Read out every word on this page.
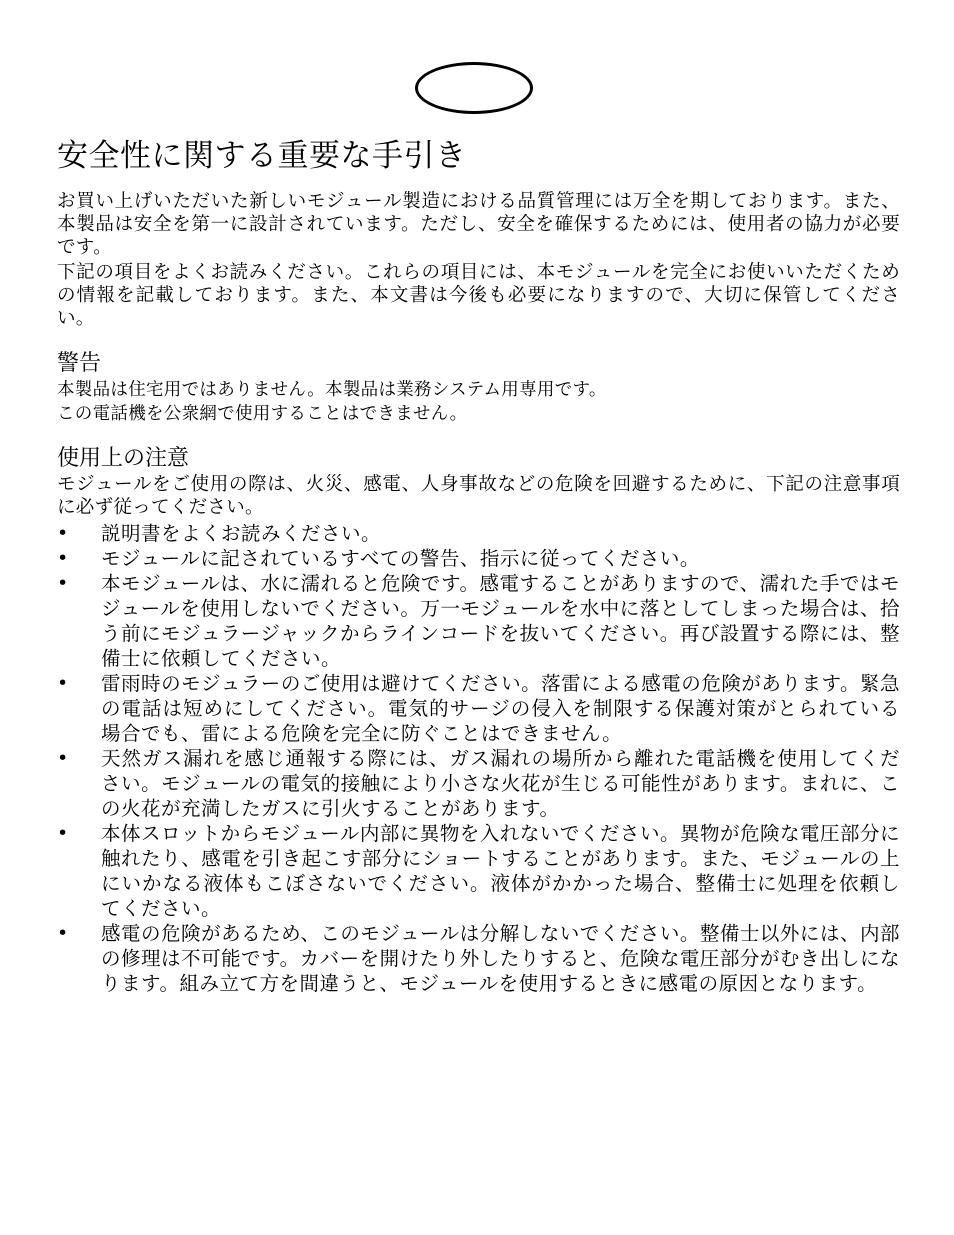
安全性に関する重要な手引き

お買い上げいただいた新しいモジュール製造における品質管理には万全を期しております。また、本製品は安全を第一に設計されています。ただし、安全を確保するためには、使用者の協力が必要です。

下記の項目をよくお読みください。これらの項目には、本モジュールを完全にお使いいただくための情報を記載しております。また、本文書は今後も必要になりますので、大切に保管してください。

警告

本製品は住宅用ではありません。本製品は業務システム用専用です。

この電話機を公衆網で使用することはできません。

使用上の注意

モジュールをご使用の際は、火災、感電、人身事故などの危険を回避するために、下記の注意事項に必ず従ってください。

• 説明書をよくお読みください。
• モジュールに記されているすべての警告、指示に従ってください。
• 本モジュールは、水に濡れると危険です。感電することがありますので、濡れた手ではモジュールを使用しないでください。万一モジュールを水中に落としてしまった場合は、拾う前にモジュラージャックからラインコードを抜いてください。再び設置する際には、整備士に依頼してください。
• 雷雨時のモジュラーのご使用は避けてください。落雷による感電の危険があります。緊急の電話は短めにしてください。電気的サージの侵入を制限する保護対策がとられている場合でも、雷による危険を完全に防ぐことはできません。
• 天然ガス漏れを感じ通報する際には、ガス漏れの場所から離れた電話機を使用してください。モジュールの電気的接触により小さな火花が生じる可能性があります。まれに、この火花が充満したガスに引火することがあります。
• 本体スロットからモジュール内部に異物を入れないでください。異物が危険な電圧部分に触れたり、感電を引き起こす部分にショートすることがあります。また、モジュールの上にいかなる液体もこぼさないでください。液体がかかった場合、整備士に処理を依頼してください。
• 感電の危険があるため、このモジュールは分解しないでください。整備士以外には、内部の修理は不可能です。カバーを開けたり外したりすると、危険な電圧部分がむき出しになります。組み立て方を間違うと、モジュールを使用するときに感電の原因となります。
